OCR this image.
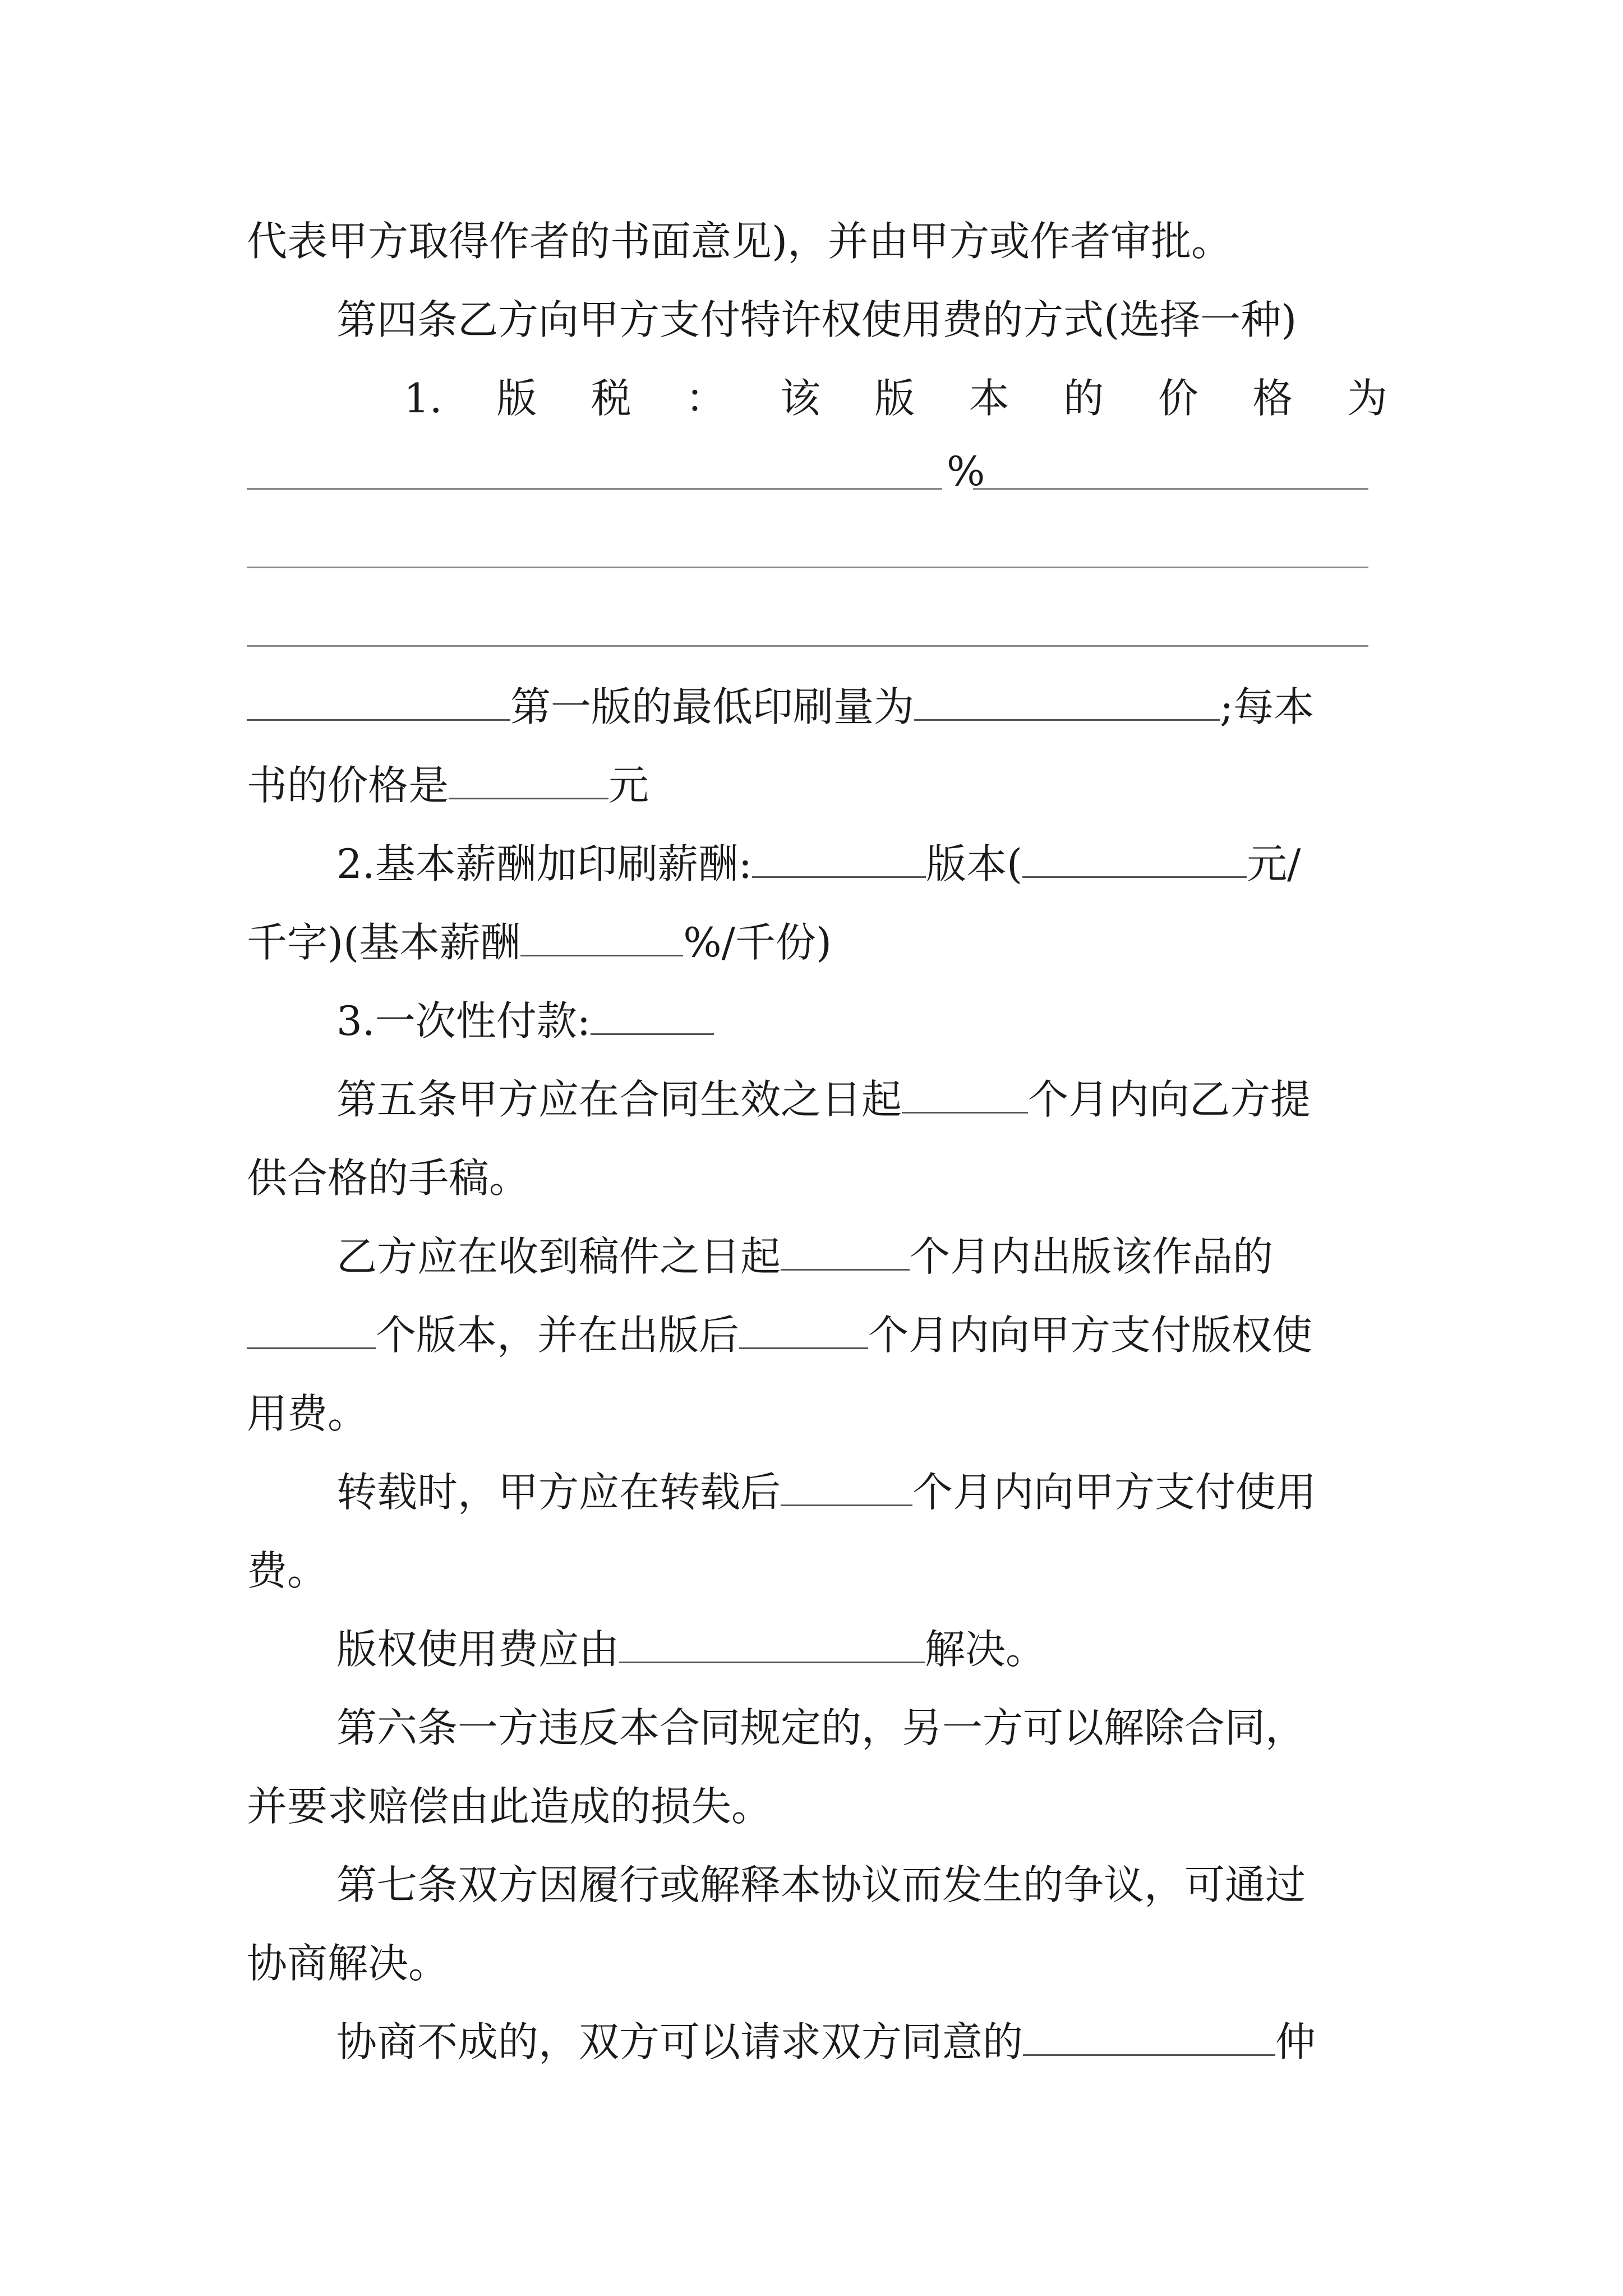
代表甲方取得作者的书面意见)，并由甲方或作者审批。

第四条乙方向甲方支付特许权使用费的方式(选择一种)

1. 版 税 ： 该 版 本 的 价 格 为
%

第一版的最低印刷量为	;每本

书的价格是	元

2.基本薪酬加印刷薪酬:	版本(	元/

千字)(基本薪酬	%/千份)

3.一次性付款:

第五条甲方应在合同生效之日起	个月内向乙方提

供合格的手稿。

乙方应在收到稿件之日起	个月内出版该作品的

个版本，并在出版后	个月内向甲方支付版权使

用费。

转载时，甲方应在转载后	个月内向甲方支付使用

费。

版权使用费应由	解决。

第六条一方违反本合同规定的，另一方可以解除合同，

并要求赔偿由此造成的损失。

第七条双方因履行或解释本协议而发生的争议，可通过

协商解决。

协商不成的，双方可以请求双方同意的	仲
